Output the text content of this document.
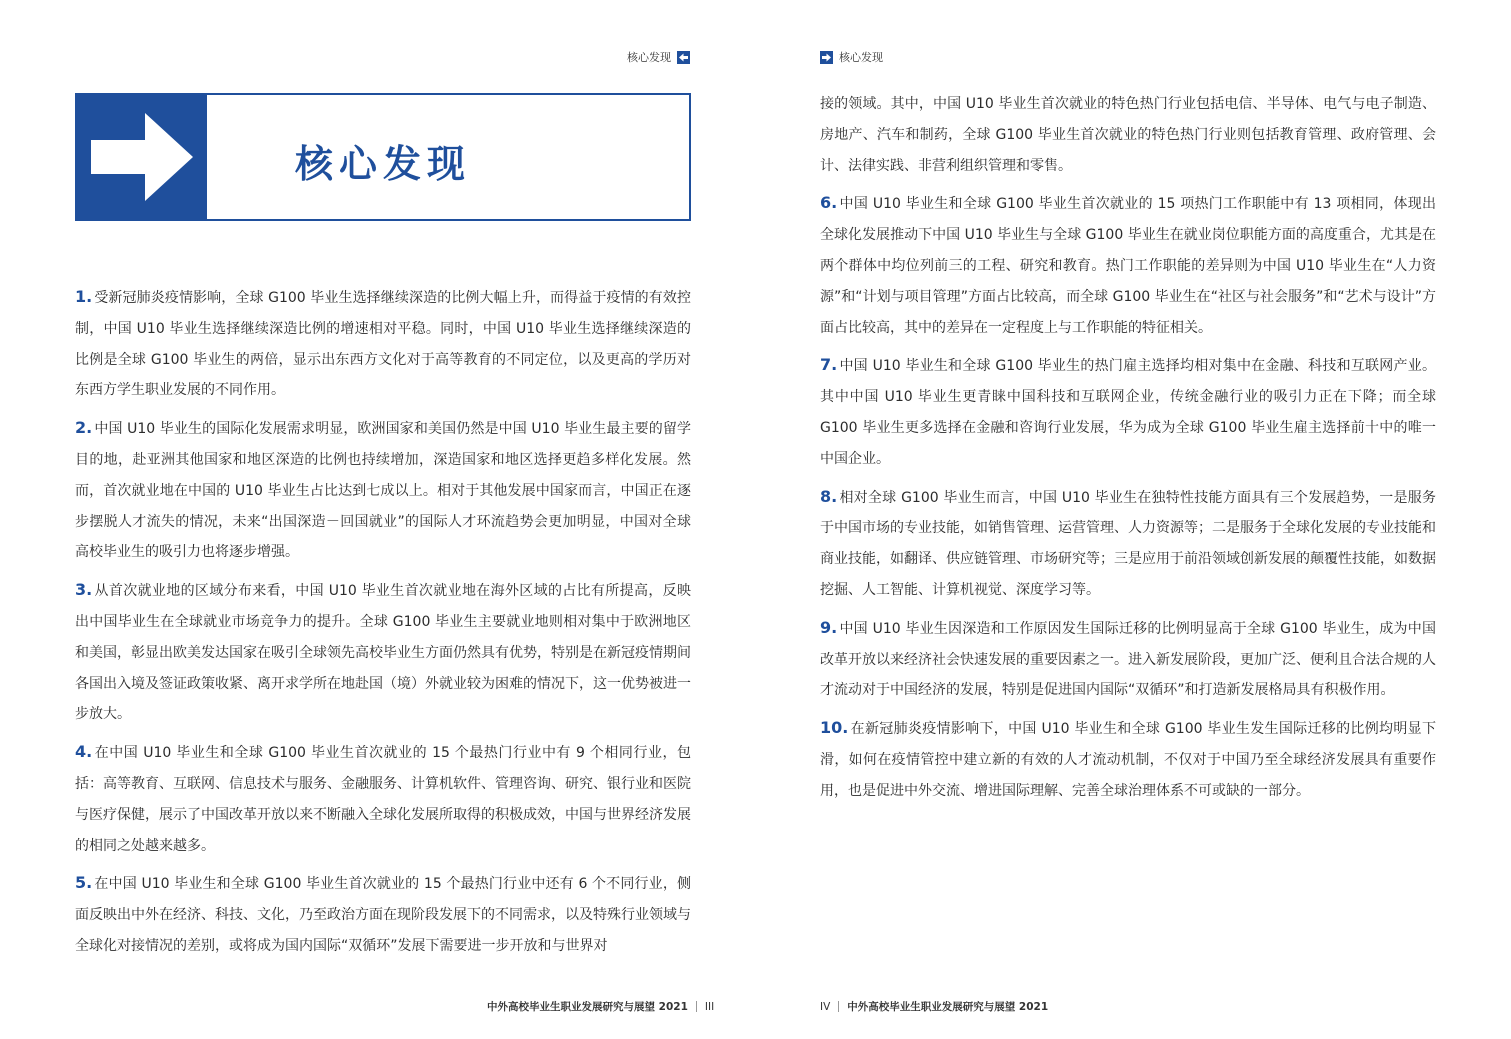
核心发现
核心发现

1. 受新冠肺炎疫情影响，全球 G100 毕业生选择继续深造的比例大幅上升，而得益于疫情的有效控制，中国 U10 毕业生选择继续深造比例的增速相对平稳。同时，中国 U10 毕业生选择继续深造的比例是全球 G100 毕业生的两倍，显示出东西方文化对于高等教育的不同定位，以及更高的学历对东西方学生职业发展的不同作用。

2. 中国 U10 毕业生的国际化发展需求明显，欧洲国家和美国仍然是中国 U10 毕业生最主要的留学目的地，赴亚洲其他国家和地区深造的比例也持续增加，深造国家和地区选择更趋多样化发展。然而，首次就业地在中国的 U10 毕业生占比达到七成以上。相对于其他发展中国家而言，中国正在逐步摆脱人才流失的情况，未来“出国深造－回国就业”的国际人才环流趋势会更加明显，中国对全球高校毕业生的吸引力也将逐步增强。

3. 从首次就业地的区域分布来看，中国 U10 毕业生首次就业地在海外区域的占比有所提高，反映出中国毕业生在全球就业市场竞争力的提升。全球 G100 毕业生主要就业地则相对集中于欧洲地区和美国，彰显出欧美发达国家在吸引全球领先高校毕业生方面仍然具有优势，特别是在新冠疫情期间各国出入境及签证政策收紧、离开求学所在地赴国（境）外就业较为困难的情况下，这一优势被进一步放大。

4. 在中国 U10 毕业生和全球 G100 毕业生首次就业的 15 个最热门行业中有 9 个相同行业，包括：高等教育、互联网、信息技术与服务、金融服务、计算机软件、管理咨询、研究、银行业和医院与医疗保健，展示了中国改革开放以来不断融入全球化发展所取得的积极成效，中国与世界经济发展的相同之处越来越多。

5. 在中国 U10 毕业生和全球 G100 毕业生首次就业的 15 个最热门行业中还有 6 个不同行业，侧面反映出中外在经济、科技、文化，乃至政治方面在现阶段发展下的不同需求，以及特殊行业领域与全球化对接情况的差别，或将成为国内国际“双循环”发展下需要进一步开放和与世界对

中外高校毕业生职业发展研究与展望 2021 III
核心发现

接的领域。其中，中国 U10 毕业生首次就业的特色热门行业包括电信、半导体、电气与电子制造、房地产、汽车和制药，全球 G100 毕业生首次就业的特色热门行业则包括教育管理、政府管理、会计、法律实践、非营利组织管理和零售。

6. 中国 U10 毕业生和全球 G100 毕业生首次就业的 15 项热门工作职能中有 13 项相同，体现出全球化发展推动下中国 U10 毕业生与全球 G100 毕业生在就业岗位职能方面的高度重合，尤其是在两个群体中均位列前三的工程、研究和教育。热门工作职能的差异则为中国 U10 毕业生在“人力资源”和“计划与项目管理”方面占比较高，而全球 G100 毕业生在“社区与社会服务”和“艺术与设计”方面占比较高，其中的差异在一定程度上与工作职能的特征相关。

7. 中国 U10 毕业生和全球 G100 毕业生的热门雇主选择均相对集中在金融、科技和互联网产业。其中中国 U10 毕业生更青睐中国科技和互联网企业，传统金融行业的吸引力正在下降；而全球 G100 毕业生更多选择在金融和咨询行业发展，华为成为全球 G100 毕业生雇主选择前十中的唯一中国企业。

8. 相对全球 G100 毕业生而言，中国 U10 毕业生在独特性技能方面具有三个发展趋势，一是服务于中国市场的专业技能，如销售管理、运营管理、人力资源等；二是服务于全球化发展的专业技能和商业技能，如翻译、供应链管理、市场研究等；三是应用于前沿领域创新发展的颠覆性技能，如数据挖掘、人工智能、计算机视觉、深度学习等。

9. 中国 U10 毕业生因深造和工作原因发生国际迁移的比例明显高于全球 G100 毕业生，成为中国改革开放以来经济社会快速发展的重要因素之一。进入新发展阶段，更加广泛、便利且合法合规的人才流动对于中国经济的发展，特别是促进国内国际“双循环”和打造新发展格局具有积极作用。

10. 在新冠肺炎疫情影响下，中国 U10 毕业生和全球 G100 毕业生发生国际迁移的比例均明显下滑，如何在疫情管控中建立新的有效的人才流动机制，不仅对于中国乃至全球经济发展具有重要作用，也是促进中外交流、增进国际理解、完善全球治理体系不可或缺的一部分。

IV 中外高校毕业生职业发展研究与展望 2021
